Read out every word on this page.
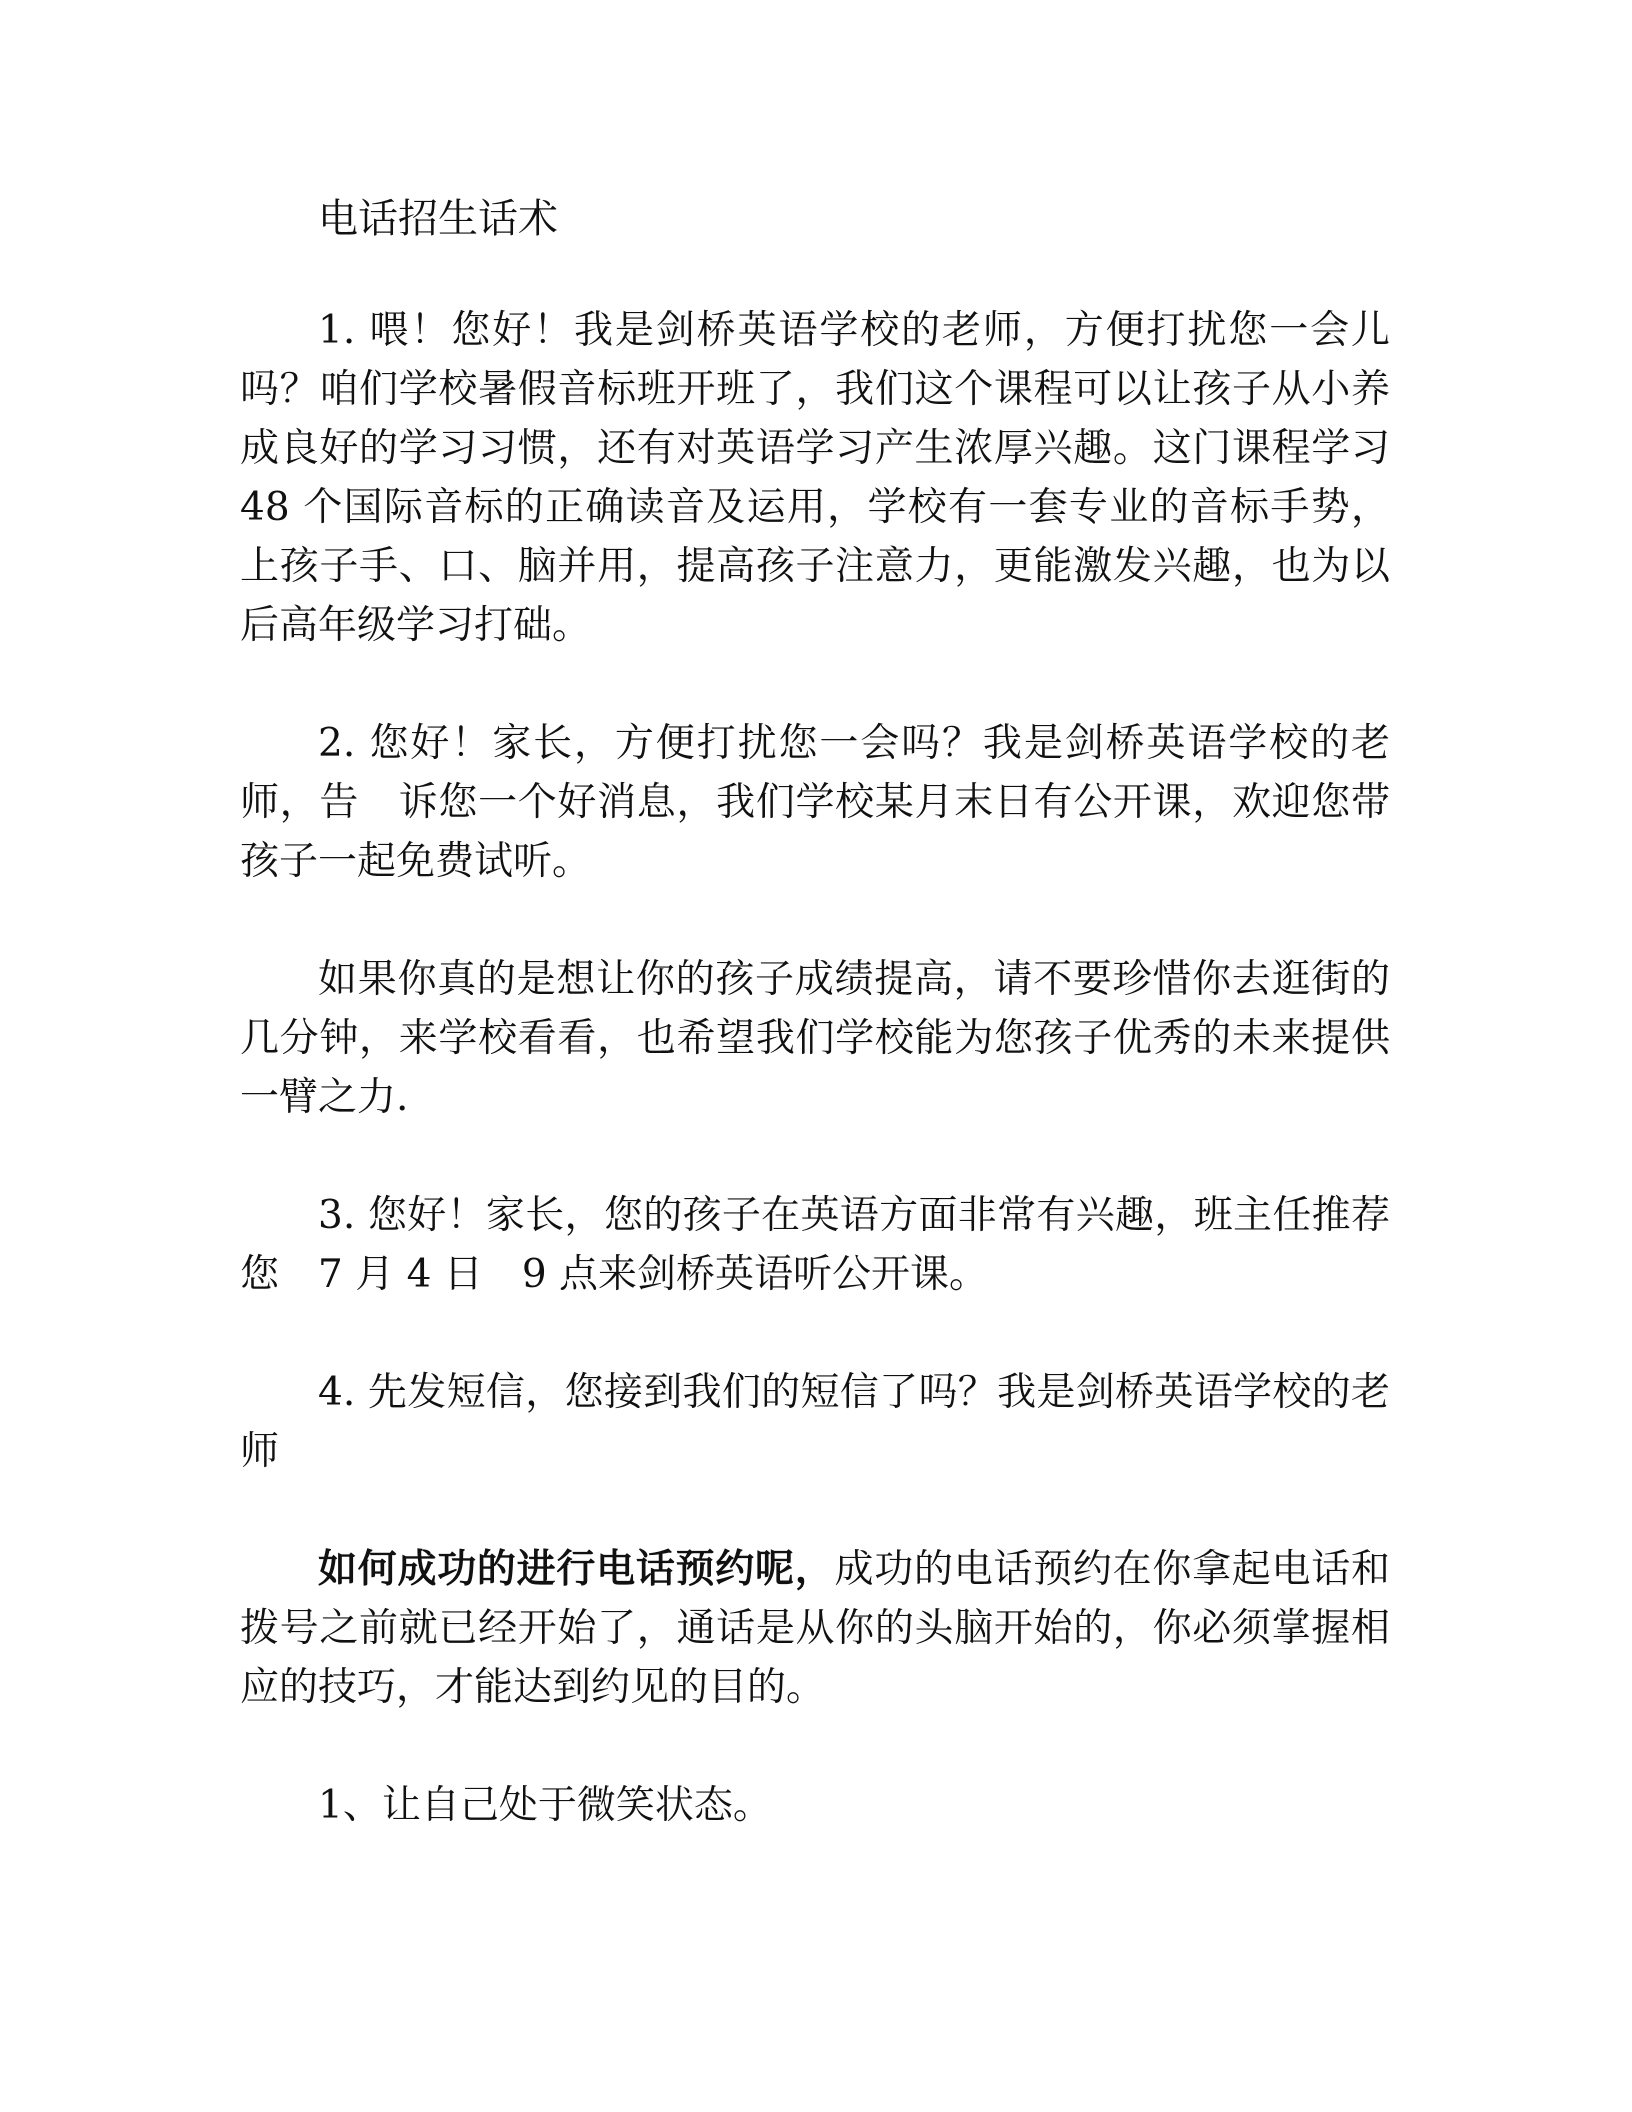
电话招生话术

1. 喂！您好！我是剑桥英语学校的老师，方便打扰您一会儿吗？咱们学校暑假音标班开班了，我们这个课程可以让孩子从小养成良好的学习习惯，还有对英语学习产生浓厚兴趣。这门课程学习 48 个国际音标的正确读音及运用，学校有一套专业的音标手势，上孩子手、口、脑并用，提高孩子注意力，更能激发兴趣，也为以后高年级学习打础。

2. 您好！家长，方便打扰您一会吗？我是剑桥英语学校的老师，告　诉您一个好消息，我们学校某月末日有公开课，欢迎您带孩子一起免费试听。

如果你真的是想让你的孩子成绩提高，请不要珍惜你去逛街的几分钟，来学校看看，也希望我们学校能为您孩子优秀的未来提供一臂之力.

3. 您好！家长，您的孩子在英语方面非常有兴趣，班主任推荐您　7 月 4 日　9 点来剑桥英语听公开课。

4. 先发短信，您接到我们的短信了吗？我是剑桥英语学校的老师

如何成功的进行电话预约呢，成功的电话预约在你拿起电话和拨号之前就已经开始了，通话是从你的头脑开始的，你必须掌握相应的技巧，才能达到约见的目的。

1、让自己处于微笑状态。
